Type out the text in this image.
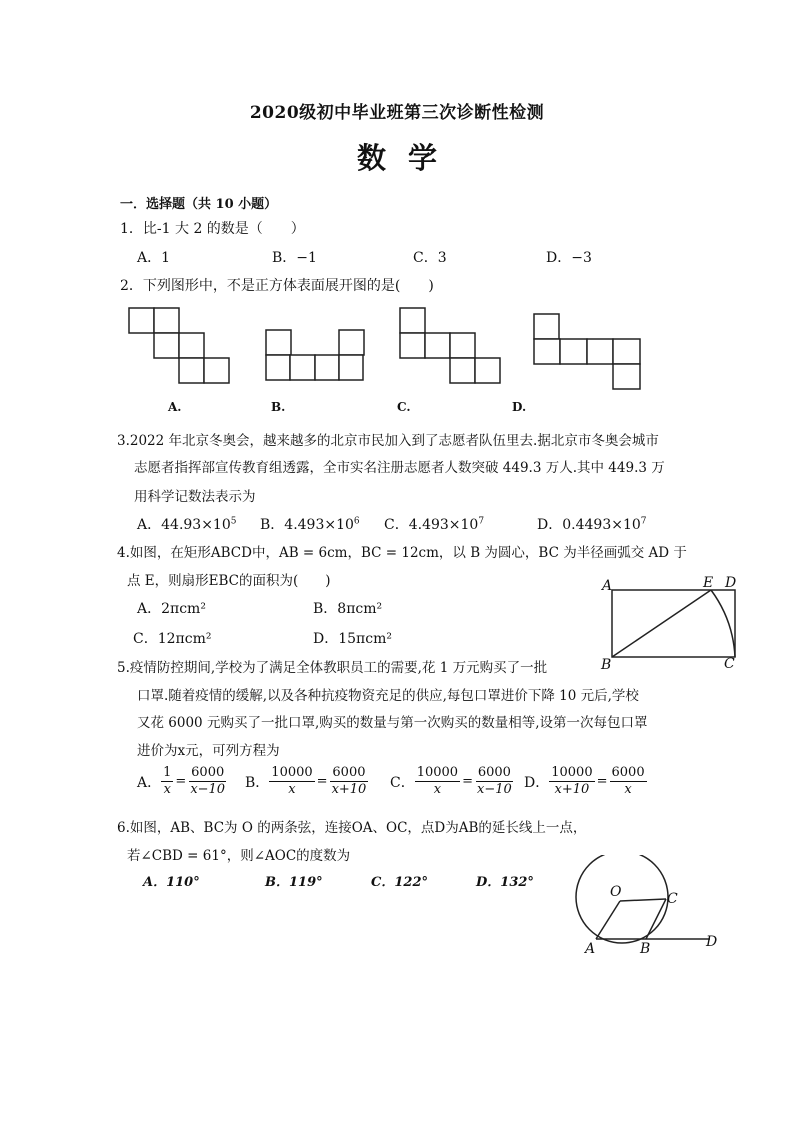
2020级初中毕业班第三次诊断性检测
数学
一．选择题（共 10 小题）
1．比-1 大 2 的数是（　　）
A．1	B．−1	C．3	D．−3
2．下列图形中，不是正方体表面展开图的是(　　)
A.	B.	C.	D.
3.2022 年北京冬奥会，越来越多的北京市民加入到了志愿者队伍里去.据北京市冬奥会城市
志愿者指挥部宣传教育组透露，全市实名注册志愿者人数突破 449.3 万人.其中 449.3 万
用科学记数法表示为
A．$44.93\times 10^5$ B．$4.493\times 10^6$ C．$4.493\times 10^7$	D．$0.4493\times 10^7$
4.如图，在矩形ABCD中，AB = 6cm，BC = 12cm，以 B 为圆心，BC 为半径画弧交 AD 于
点 E，则扇形EBC的面积为(　　)
A．2πcm²	B．8πcm²
C．12πcm²	D．15πcm²
A	E D
B	C
5.疫情防控期间,学校为了满足全体教职员工的需要,花 1 万元购买了一批
口罩.随着疫情的缓解,以及各种抗疫物资充足的供应,每包口罩进价下降 10 元后,学校
又花 6000 元购买了一批口罩,购买的数量与第一次购买的数量相等,设第一次每包口罩
进价为x元，可列方程为
A． $\frac{1}{x} = \frac{6000}{x-10}$ B． $\frac{10000}{x} = \frac{6000}{x+10}$ C． $\frac{10000}{x} = \frac{6000}{x-10}$ D． $\frac{10000}{x+10} = \frac{6000}{x}$
6.如图，AB、BC为 O 的两条弦，连接OA、OC，点D为AB的延长线上一点，
若∠CBD = 61°，则∠AOC的度数为
A．110°	B．119°	C．122°	D．132°
O	C
A	B	D
